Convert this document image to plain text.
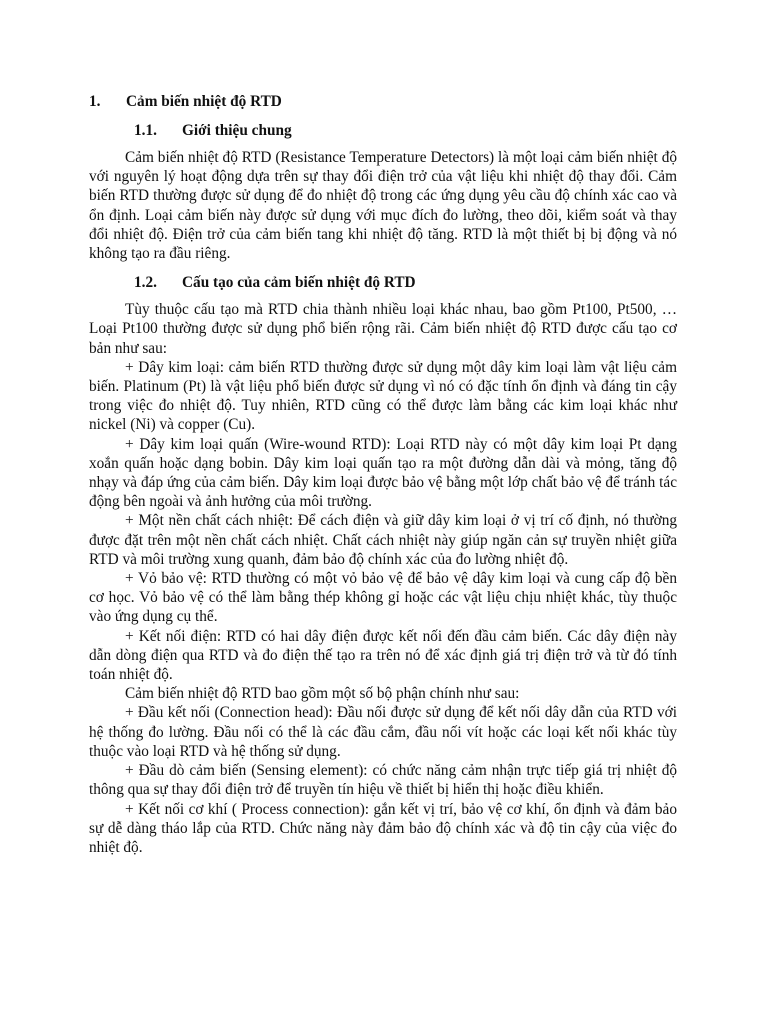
1. Cảm biến nhiệt độ RTD
1.1. Giới thiệu chung

Cảm biến nhiệt độ RTD (Resistance Temperature Detectors) là một loại cảm biến nhiệt độ với nguyên lý hoạt động dựa trên sự thay đổi điện trở của vật liệu khi nhiệt độ thay đổi. Cảm biến RTD thường được sử dụng để đo nhiệt độ trong các ứng dụng yêu cầu độ chính xác cao và ổn định. Loại cảm biến này được sử dụng với mục đích đo lường, theo dõi, kiểm soát và thay đổi nhiệt độ. Điện trở của cảm biến tang khi nhiệt độ tăng. RTD là một thiết bị bị động và nó không tạo ra đầu riêng.

1.2. Cấu tạo của cảm biến nhiệt độ RTD

Tùy thuộc cấu tạo mà RTD chia thành nhiều loại khác nhau, bao gồm Pt100, Pt500, … Loại Pt100 thường được sử dụng phổ biến rộng rãi. Cảm biến nhiệt độ RTD được cấu tạo cơ bản như sau:

+ Dây kim loại: cảm biến RTD thường được sử dụng một dây kim loại làm vật liệu cảm biến. Platinum (Pt) là vật liệu phổ biến được sử dụng vì nó có đặc tính ổn định và đáng tin cậy trong việc đo nhiệt độ. Tuy nhiên, RTD cũng có thể được làm bằng các kim loại khác như nickel (Ni) và copper (Cu).

+ Dây kim loại quấn (Wire-wound RTD): Loại RTD này có một dây kim loại Pt dạng xoắn quấn hoặc dạng bobin. Dây kim loại quấn tạo ra một đường dẫn dài và mỏng, tăng độ nhạy và đáp ứng của cảm biến. Dây kim loại được bảo vệ bằng một lớp chất bảo vệ để tránh tác động bên ngoài và ảnh hưởng của môi trường.

+ Một nền chất cách nhiệt: Để cách điện và giữ dây kim loại ở vị trí cố định, nó thường được đặt trên một nền chất cách nhiệt. Chất cách nhiệt này giúp ngăn cản sự truyền nhiệt giữa RTD và môi trường xung quanh, đảm bảo độ chính xác của đo lường nhiệt độ.

+ Vỏ bảo vệ: RTD thường có một vỏ bảo vệ để bảo vệ dây kim loại và cung cấp độ bền cơ học. Vỏ bảo vệ có thể làm bằng thép không gỉ hoặc các vật liệu chịu nhiệt khác, tùy thuộc vào ứng dụng cụ thể.

+ Kết nối điện: RTD có hai dây điện được kết nối đến đầu cảm biến. Các dây điện này dẫn dòng điện qua RTD và đo điện thế tạo ra trên nó để xác định giá trị điện trở và từ đó tính toán nhiệt độ.

Cảm biến nhiệt độ RTD bao gồm một số bộ phận chính như sau:

+ Đầu kết nối (Connection head): Đầu nối được sử dụng để kết nối dây dẫn của RTD với hệ thống đo lường. Đầu nối có thể là các đầu cắm, đầu nối vít hoặc các loại kết nối khác tùy thuộc vào loại RTD và hệ thống sử dụng.

+ Đầu dò cảm biến (Sensing element): có chức năng cảm nhận trực tiếp giá trị nhiệt độ thông qua sự thay đổi điện trở để truyền tín hiệu về thiết bị hiển thị hoặc điều khiển.

+ Kết nối cơ khí ( Process connection): gắn kết vị trí, bảo vệ cơ khí, ổn định và đảm bảo sự dễ dàng tháo lắp của RTD. Chức năng này đảm bảo độ chính xác và độ tin cậy của việc đo nhiệt độ.
